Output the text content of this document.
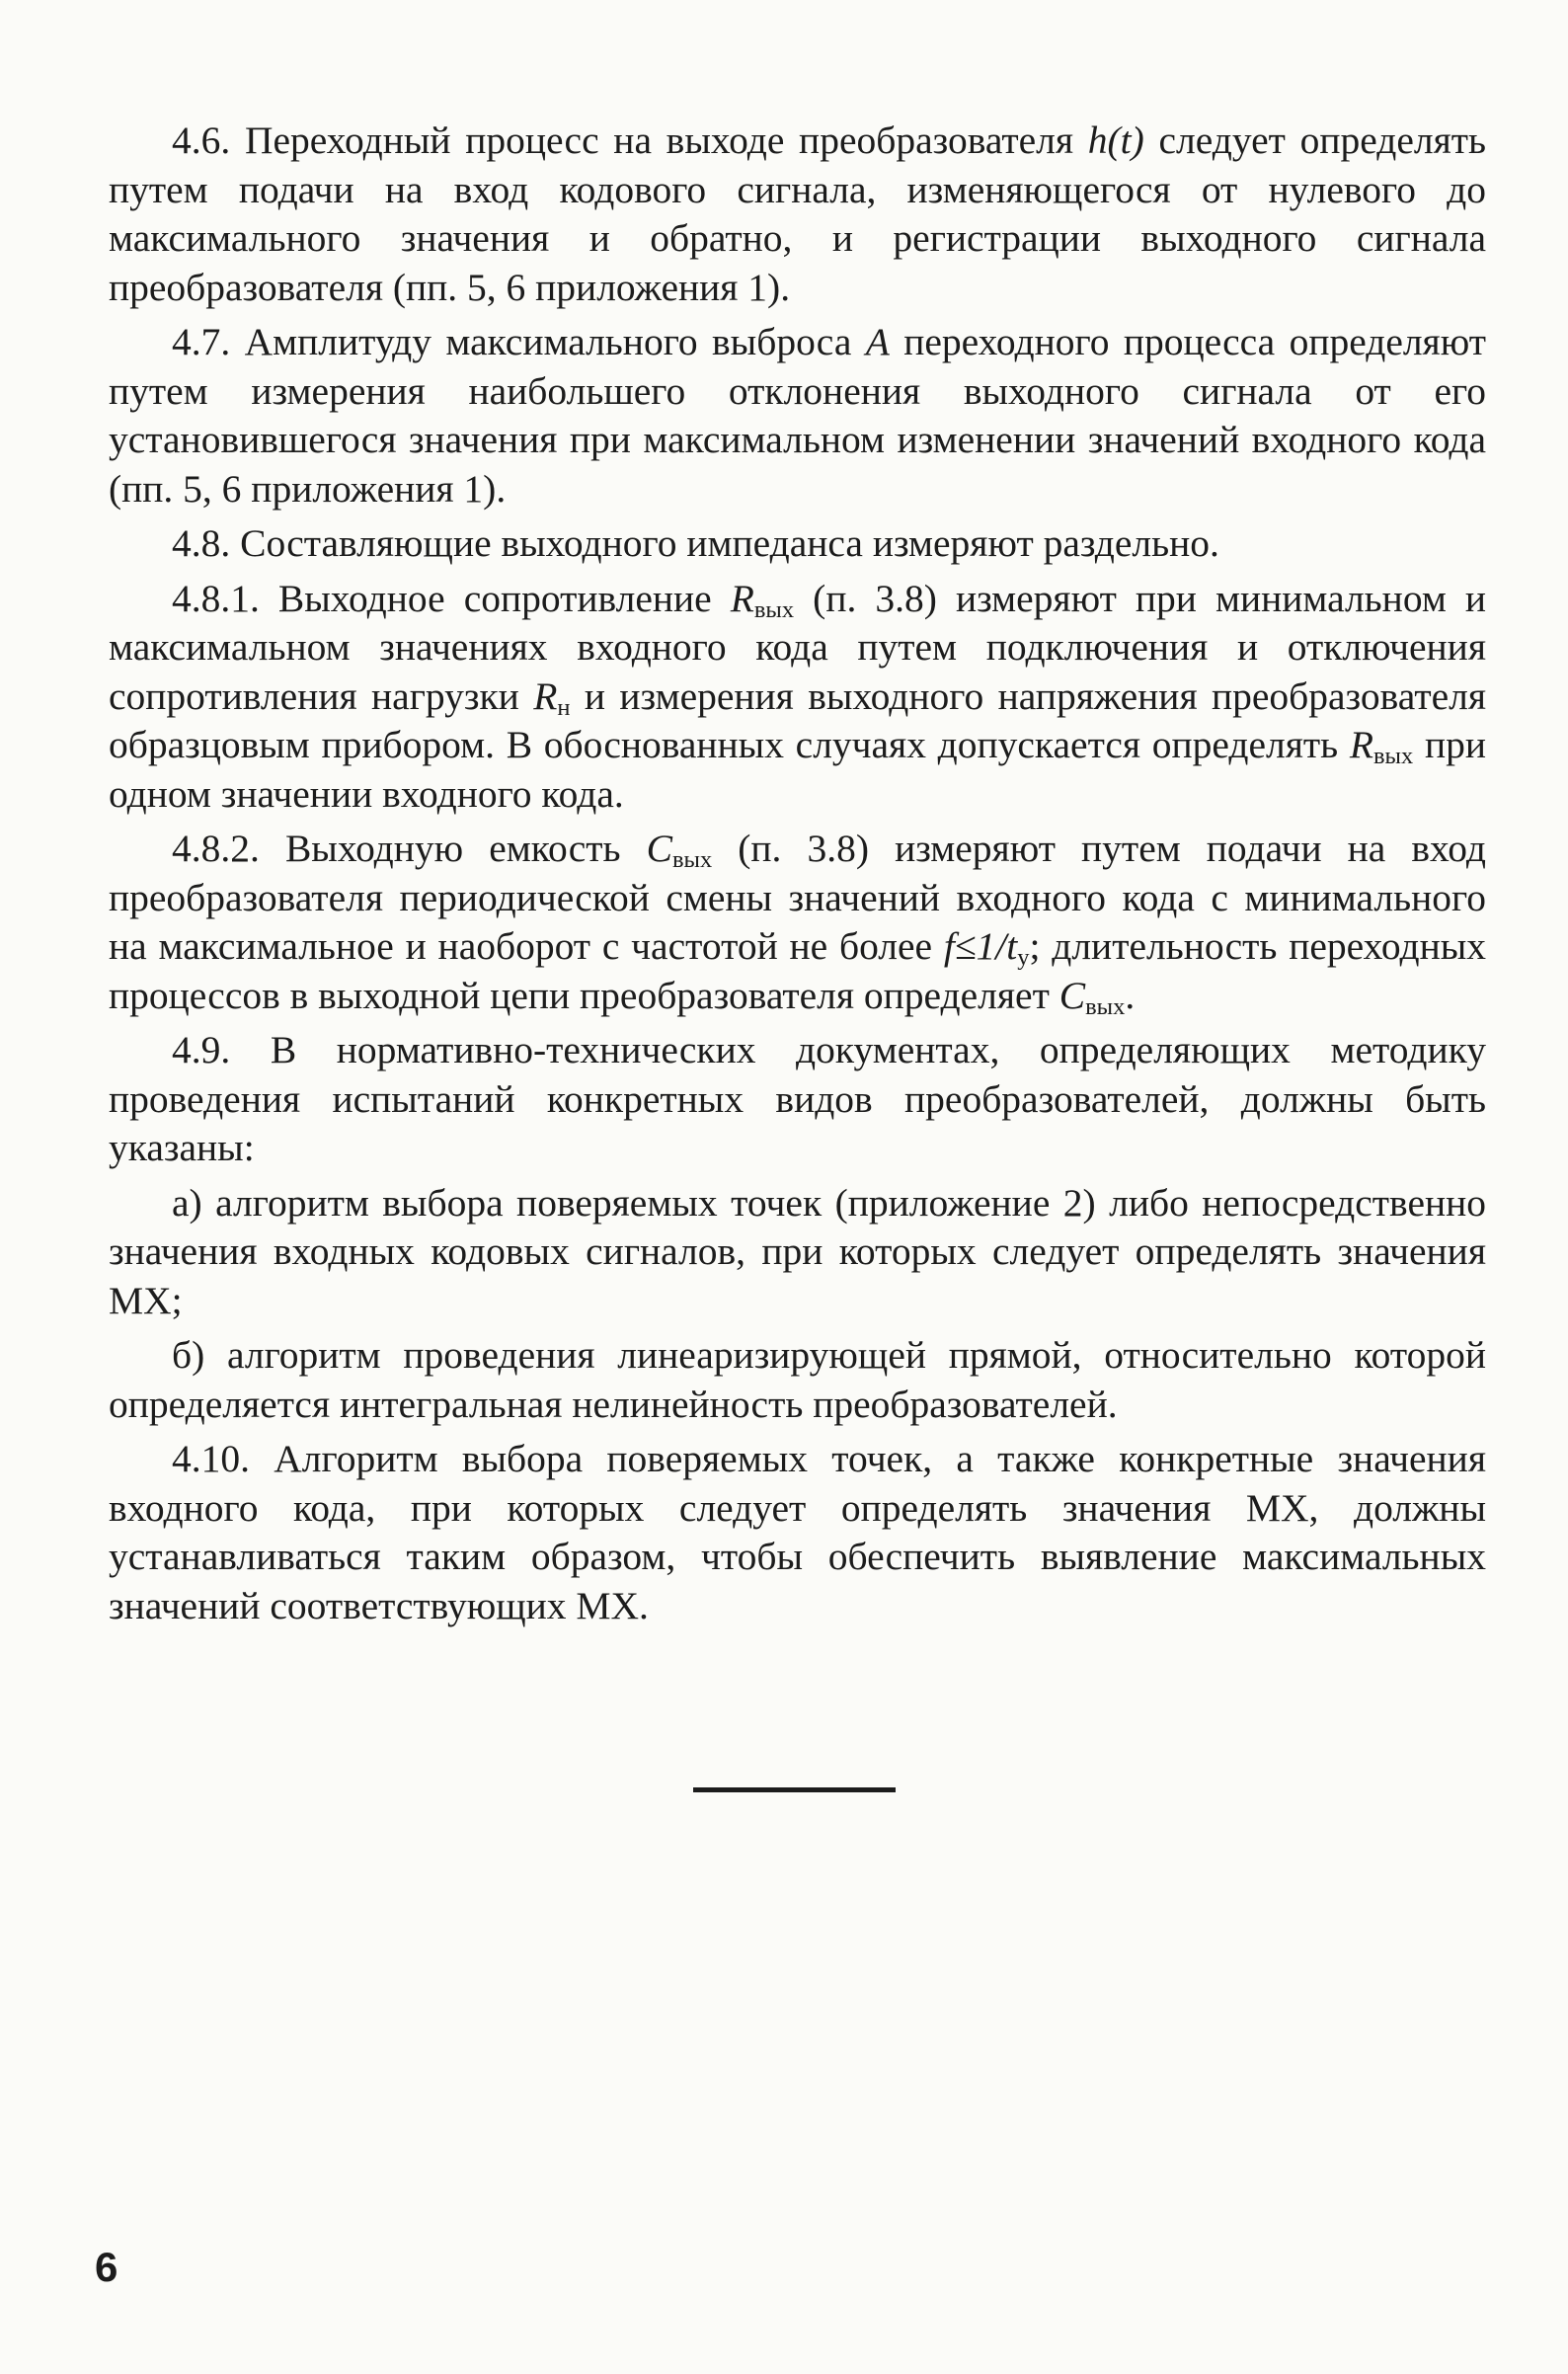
4.6. Переходный процесс на выходе преобразователя h(t) следует определять путем подачи на вход кодового сигнала, изменяющегося от нулевого до максимального значения и обратно, и регистрации выходного сигнала преобразователя (пп. 5, 6 приложения 1).

4.7. Амплитуду максимального выброса A переходного процесса определяют путем измерения наибольшего отклонения выходного сигнала от его установившегося значения при максимальном изменении значений входного кода (пп. 5, 6 приложения 1).

4.8. Составляющие выходного импеданса измеряют раздельно.

4.8.1. Выходное сопротивление $R_{вых}$ (п. 3.8) измеряют при минимальном и максимальном значениях входного кода путем подключения и отключения сопротивления нагрузки $R_н$ и измерения выходного напряжения преобразователя образцовым прибором. В обоснованных случаях допускается определять $R_{вых}$ при одном значении входного кода.

4.8.2. Выходную емкость $C_{вых}$ (п. 3.8) измеряют путем подачи на вход преобразователя периодической смены значений входного кода с минимального на максимальное и наоборот с частотой не более $f\le 1/t_у$; длительность переходных процессов в выходной цепи преобразователя определяет $C_{вых}$.

4.9. В нормативно-технических документах, определяющих методику проведения испытаний конкретных видов преобразователей, должны быть указаны:

а) алгоритм выбора поверяемых точек (приложение 2) либо непосредственно значения входных кодовых сигналов, при которых следует определять значения МХ;

б) алгоритм проведения линеаризирующей прямой, относительно которой определяется интегральная нелинейность преобразователей.

4.10. Алгоритм выбора поверяемых точек, а также конкретные значения входного кода, при которых следует определять значения МХ, должны устанавливаться таким образом, чтобы обеспечить выявление максимальных значений соответствующих МХ.

6
